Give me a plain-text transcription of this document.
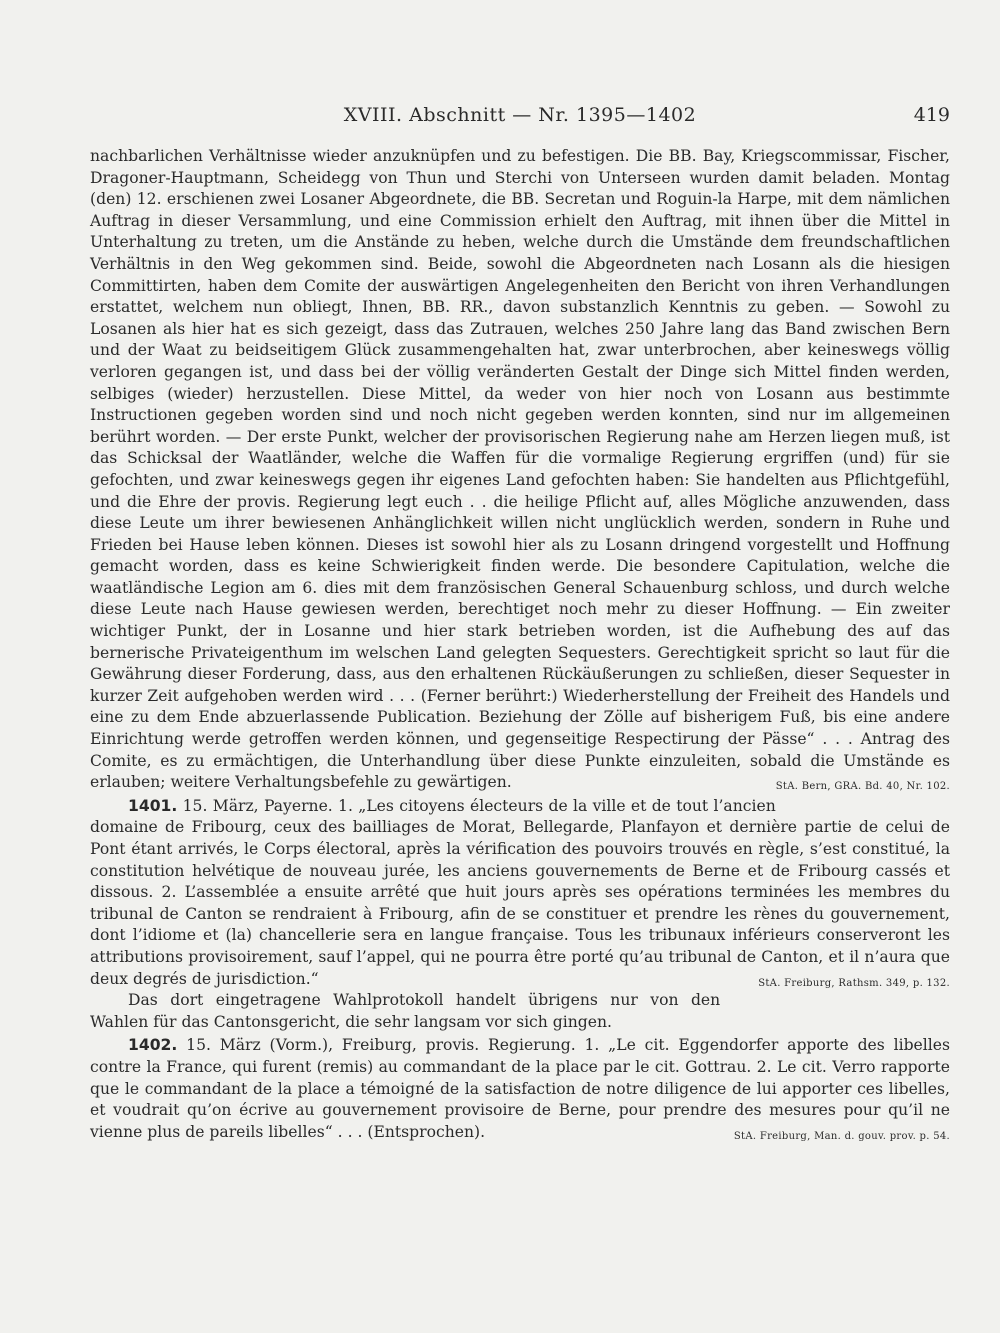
XVIII. Abschnitt — Nr. 1395—1402	419

nachbarlichen Verhältnisse wieder anzuknüpfen und zu befestigen. Die BB. Bay, Kriegscommissar, Fischer, Dragoner-Hauptmann, Scheidegg von Thun und Sterchi von Unterseen wurden damit beladen. Montag (den) 12. erschienen zwei Losaner Abgeordnete, die BB. Secretan und Roguin-la Harpe, mit dem nämlichen Auftrag in dieser Versammlung, und eine Commission erhielt den Auftrag, mit ihnen über die Mittel in Unterhaltung zu treten, um die Anstände zu heben, welche durch die Umstände dem freundschaftlichen Verhältnis in den Weg gekommen sind. Beide, sowohl die Abgeordneten nach Losann als die hiesigen Committirten, haben dem Comite der auswärtigen Angelegenheiten den Bericht von ihren Verhandlungen erstattet, welchem nun obliegt, Ihnen, BB. RR., davon substanzlich Kenntnis zu geben. — Sowohl zu Losanen als hier hat es sich gezeigt, dass das Zutrauen, welches 250 Jahre lang das Band zwischen Bern und der Waat zu beidseitigem Glück zusammengehalten hat, zwar unterbrochen, aber keineswegs völlig verloren gegangen ist, und dass bei der völlig veränderten Gestalt der Dinge sich Mittel finden werden, selbiges (wieder) herzustellen. Diese Mittel, da weder von hier noch von Losann aus bestimmte Instructionen gegeben worden sind und noch nicht gegeben werden konnten, sind nur im allgemeinen berührt worden. — Der erste Punkt, welcher der provisorischen Regierung nahe am Herzen liegen muß, ist das Schicksal der Waatländer, welche die Waffen für die vormalige Regierung ergriffen (und) für sie gefochten, und zwar keineswegs gegen ihr eigenes Land gefochten haben: Sie handelten aus Pflichtgefühl, und die Ehre der provis. Regierung legt euch . . die heilige Pflicht auf, alles Mögliche anzuwenden, dass diese Leute um ihrer bewiesenen Anhänglichkeit willen nicht unglücklich werden, sondern in Ruhe und Frieden bei Hause leben können. Dieses ist sowohl hier als zu Losann dringend vorgestellt und Hoffnung gemacht worden, dass es keine Schwierigkeit finden werde. Die besondere Capitulation, welche die waatländische Legion am 6. dies mit dem französischen General Schauenburg schloss, und durch welche diese Leute nach Hause gewiesen werden, berechtiget noch mehr zu dieser Hoffnung. — Ein zweiter wichtiger Punkt, der in Losanne und hier stark betrieben worden, ist die Aufhebung des auf das bernerische Privateigenthum im welschen Land gelegten Sequesters. Gerechtigkeit spricht so laut für die Gewährung dieser Forderung, dass, aus den erhaltenen Rückäußerungen zu schließen, dieser Sequester in kurzer Zeit aufgehoben werden wird . . . (Ferner berührt:) Wiederherstellung der Freiheit des Handels und eine zu dem Ende abzuerlassende Publication. Beziehung der Zölle auf bisherigem Fuß, bis eine andere Einrichtung werde getroffen werden können, und gegenseitige Respectirung der Pässe“ . . . Antrag des Comite, es zu ermächtigen, die Unterhandlung über diese Punkte einzuleiten, sobald die Umstände es erlauben; weitere Verhaltungsbefehle zu gewärtigen.	StA. Bern, GRA. Bd. 40, Nr. 102.

1401. 15. März, Payerne. 1. „Les citoyens électeurs de la ville et de tout l’ancien domaine de Fribourg, ceux des bailliages de Morat, Bellegarde, Planfayon et dernière partie de celui de Pont étant arrivés, le Corps électoral, après la vérification des pouvoirs trouvés en règle, s’est constitué, la constitution helvétique de nouveau jurée, les anciens gouvernements de Berne et de Fribourg cassés et dissous. 2. L’assemblée a ensuite arrêté que huit jours après ses opérations terminées les membres du tribunal de Canton se rendraient à Fribourg, afin de se constituer et prendre les rènes du gouvernement, dont l’idiome et (la) chancellerie sera en langue française. Tous les tribunaux inférieurs conserveront les attributions provisoirement, sauf l’appel, qui ne pourra être porté qu’au tribunal de Canton, et il n’aura que deux degrés de jurisdiction.“	StA. Freiburg, Rathsm. 349, p. 132.

Das dort eingetragene Wahlprotokoll handelt übrigens nur von den Wahlen für das Cantonsgericht, die sehr langsam vor sich gingen.

1402. 15. März (Vorm.), Freiburg, provis. Regierung. 1. „Le cit. Eggendorfer apporte des libelles contre la France, qui furent (remis) au commandant de la place par le cit. Gottrau. 2. Le cit. Verro rapporte que le commandant de la place a témoigné de la satisfaction de notre diligence de lui apporter ces libelles, et voudrait qu’on écrive au gouvernement provisoire de Berne, pour prendre des mesures pour qu’il ne vienne plus de pareils libelles“ . . . (Entsprochen).	StA. Freiburg, Man. d. gouv. prov. p. 54.
